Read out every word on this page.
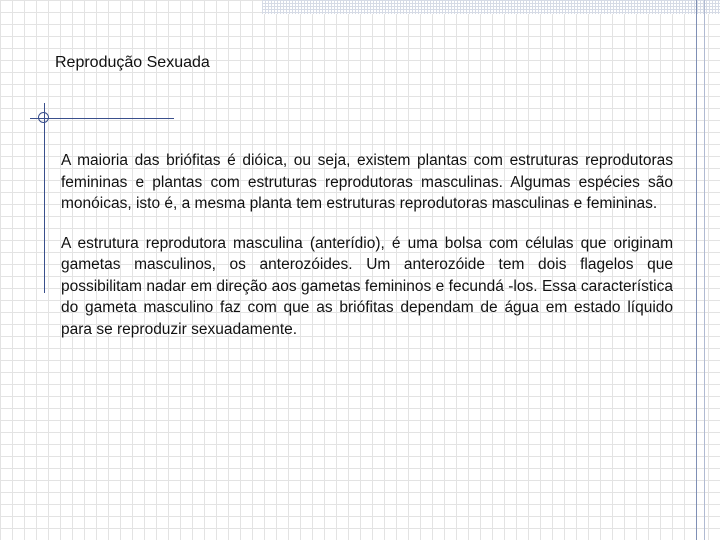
Reprodução Sexuada

A maioria das briófitas é dióica, ou seja, existem plantas com estruturas reprodutoras femininas e plantas com estruturas reprodutoras masculinas. Algumas espécies são monóicas, isto é, a mesma planta tem estruturas reprodutoras masculinas e femininas.

A estrutura reprodutora masculina (anterídio), é uma bolsa com células que originam gametas masculinos, os anterozóides. Um anterozóide tem dois flagelos que possibilitam nadar em direção aos gametas femininos e fecundá -los. Essa característica do gameta masculino faz com que as briófitas dependam de água em estado líquido para se reproduzir sexuadamente.
